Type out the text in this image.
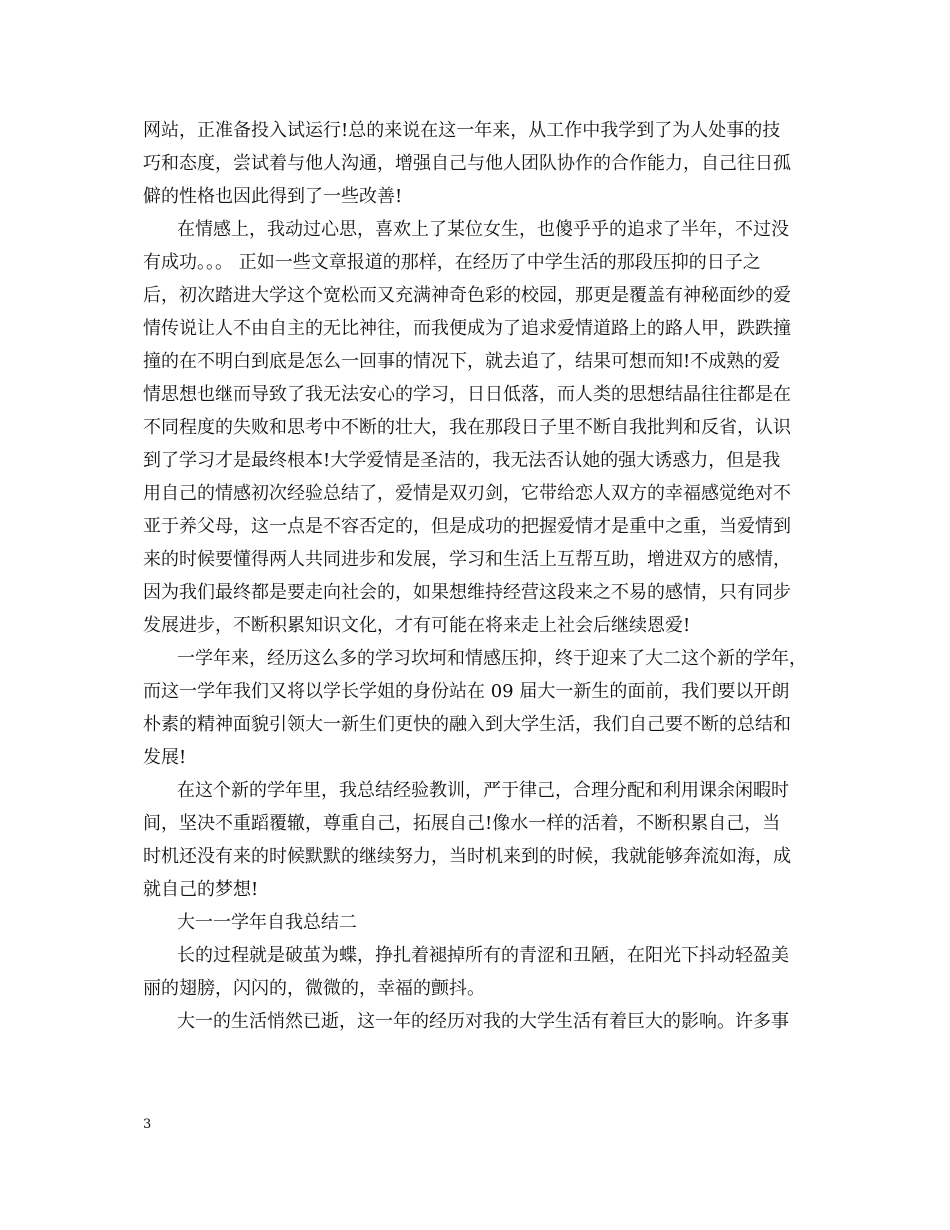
网站，正准备投入试运行!总的来说在这一年来，从工作中我学到了为人处事的技
巧和态度，尝试着与他人沟通，增强自己与他人团队协作的合作能力，自己往日孤
僻的性格也因此得到了一些改善!
在情感上，我动过心思，喜欢上了某位女生，也傻乎乎的追求了半年，不过没
有成功。。。 正如一些文章报道的那样，在经历了中学生活的那段压抑的日子之
后，初次踏进大学这个宽松而又充满神奇色彩的校园，那更是覆盖有神秘面纱的爱
情传说让人不由自主的无比神往，而我便成为了追求爱情道路上的路人甲，跌跌撞
撞的在不明白到底是怎么一回事的情况下，就去追了，结果可想而知!不成熟的爱
情思想也继而导致了我无法安心的学习，日日低落，而人类的思想结晶往往都是在
不同程度的失败和思考中不断的壮大，我在那段日子里不断自我批判和反省，认识
到了学习才是最终根本!大学爱情是圣洁的，我无法否认她的强大诱惑力，但是我
用自己的情感初次经验总结了，爱情是双刃剑，它带给恋人双方的幸福感觉绝对不
亚于养父母，这一点是不容否定的，但是成功的把握爱情才是重中之重，当爱情到
来的时候要懂得两人共同进步和发展，学习和生活上互帮互助，增进双方的感情，
因为我们最终都是要走向社会的，如果想维持经营这段来之不易的感情，只有同步
发展进步，不断积累知识文化，才有可能在将来走上社会后继续恩爱!
一学年来，经历这么多的学习坎坷和情感压抑，终于迎来了大二这个新的学年，
而这一学年我们又将以学长学姐的身份站在 09 届大一新生的面前，我们要以开朗
朴素的精神面貌引领大一新生们更快的融入到大学生活，我们自己要不断的总结和
发展!
在这个新的学年里，我总结经验教训，严于律己，合理分配和利用课余闲暇时
间，坚决不重蹈覆辙，尊重自己，拓展自己!像水一样的活着，不断积累自己，当
时机还没有来的时候默默的继续努力，当时机来到的时候，我就能够奔流如海，成
就自己的梦想!
大一一学年自我总结二
长的过程就是破茧为蝶，挣扎着褪掉所有的青涩和丑陋，在阳光下抖动轻盈美
丽的翅膀，闪闪的，微微的，幸福的颤抖。
大一的生活悄然已逝，这一年的经历对我的大学生活有着巨大的影响。许多事
3
